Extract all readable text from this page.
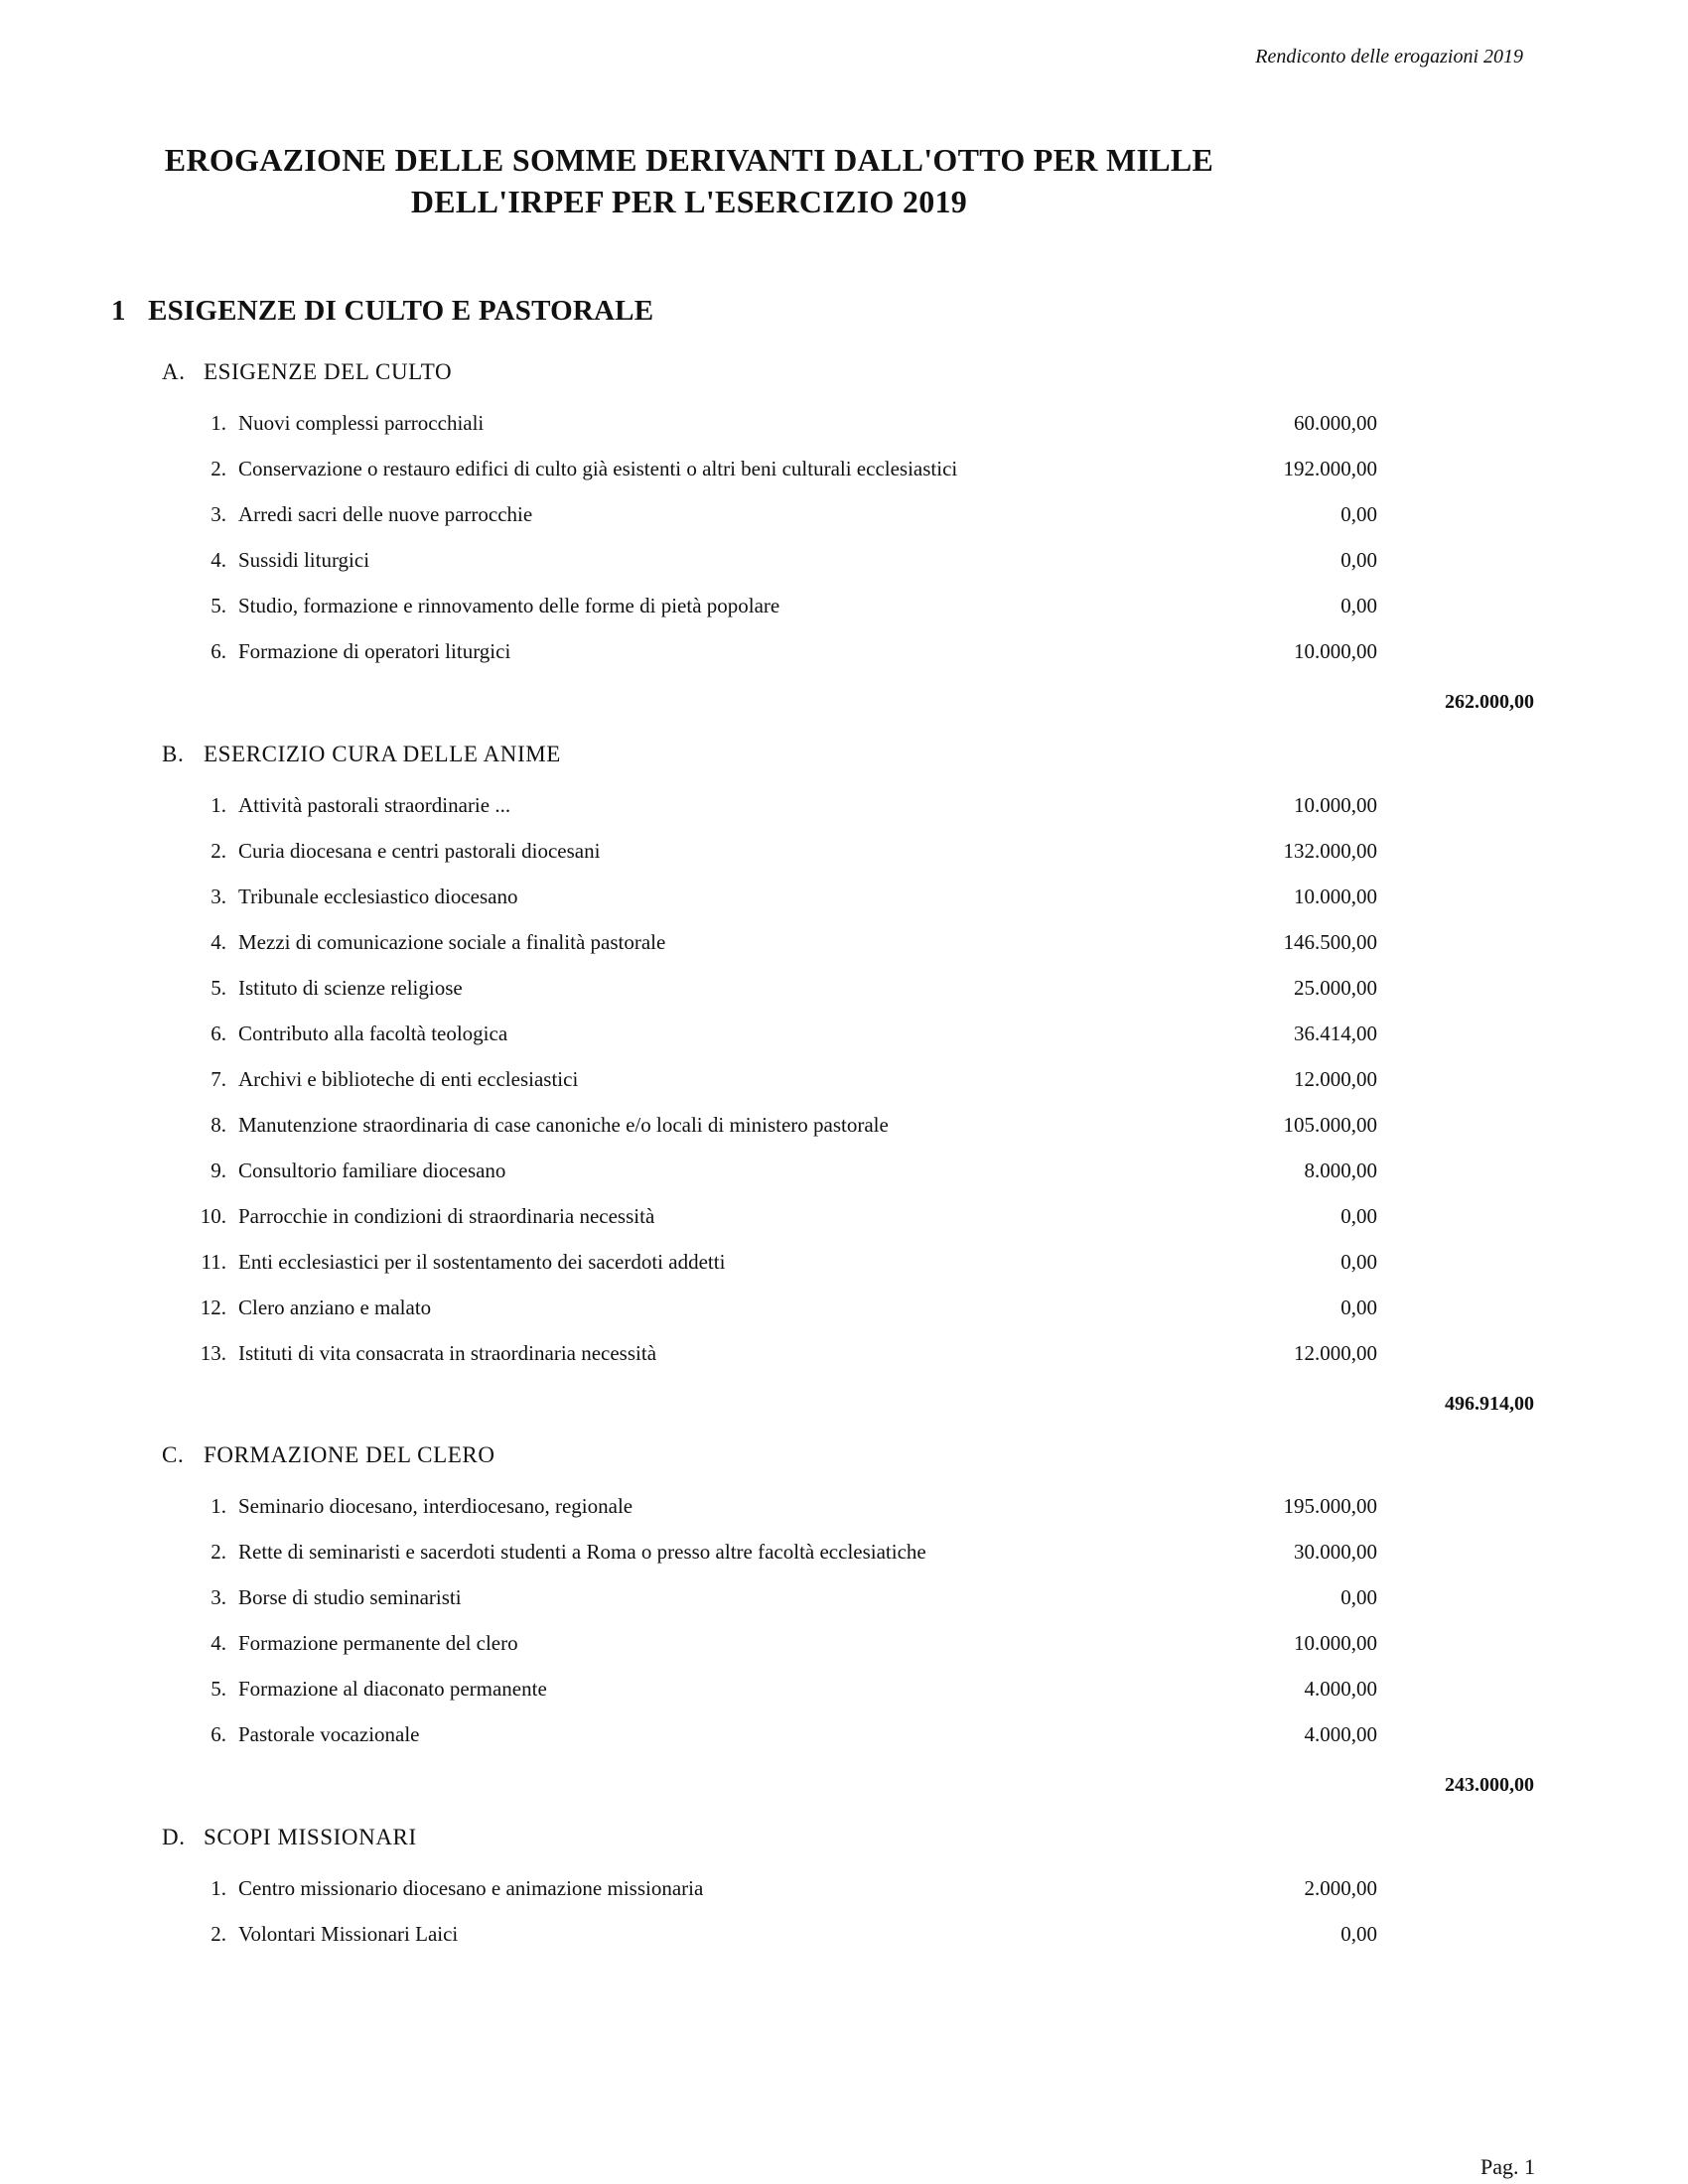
Rendiconto delle erogazioni 2019
EROGAZIONE DELLE SOMME DERIVANTI DALL'OTTO PER MILLE
DELL'IRPEF PER L'ESERCIZIO 2019
1 ESIGENZE DI CULTO E PASTORALE
A. ESIGENZE DEL CULTO
1. Nuovi complessi parrocchiali	60.000,00
2. Conservazione o restauro edifici di culto già esistenti o altri beni culturali ecclesiastici	192.000,00
3. Arredi sacri delle nuove parrocchie	0,00
4. Sussidi liturgici	0,00
5. Studio, formazione e rinnovamento delle forme di pietà popolare	0,00
6. Formazione di operatori liturgici	10.000,00
262.000,00
B. ESERCIZIO CURA DELLE ANIME
1. Attività pastorali straordinarie ...	10.000,00
2. Curia diocesana e centri pastorali diocesani	132.000,00
3. Tribunale ecclesiastico diocesano	10.000,00
4. Mezzi di comunicazione sociale a finalità pastorale	146.500,00
5. Istituto di scienze religiose	25.000,00
6. Contributo alla facoltà teologica	36.414,00
7. Archivi e biblioteche di enti ecclesiastici	12.000,00
8. Manutenzione straordinaria di case canoniche e/o locali di ministero pastorale	105.000,00
9. Consultorio familiare diocesano	8.000,00
10. Parrocchie in condizioni di straordinaria necessità	0,00
11. Enti ecclesiastici per il sostentamento dei sacerdoti addetti	0,00
12. Clero anziano e malato	0,00
13. Istituti di vita consacrata in straordinaria necessità	12.000,00
496.914,00
C. FORMAZIONE DEL CLERO
1. Seminario diocesano, interdiocesano, regionale	195.000,00
2. Rette di seminaristi e sacerdoti studenti a Roma o presso altre facoltà ecclesiatiche	30.000,00
3. Borse di studio seminaristi	0,00
4. Formazione permanente del clero	10.000,00
5. Formazione al diaconato permanente	4.000,00
6. Pastorale vocazionale	4.000,00
243.000,00
D. SCOPI MISSIONARI
1. Centro missionario diocesano e animazione missionaria	2.000,00
2. Volontari Missionari Laici	0,00
Pag. 1
